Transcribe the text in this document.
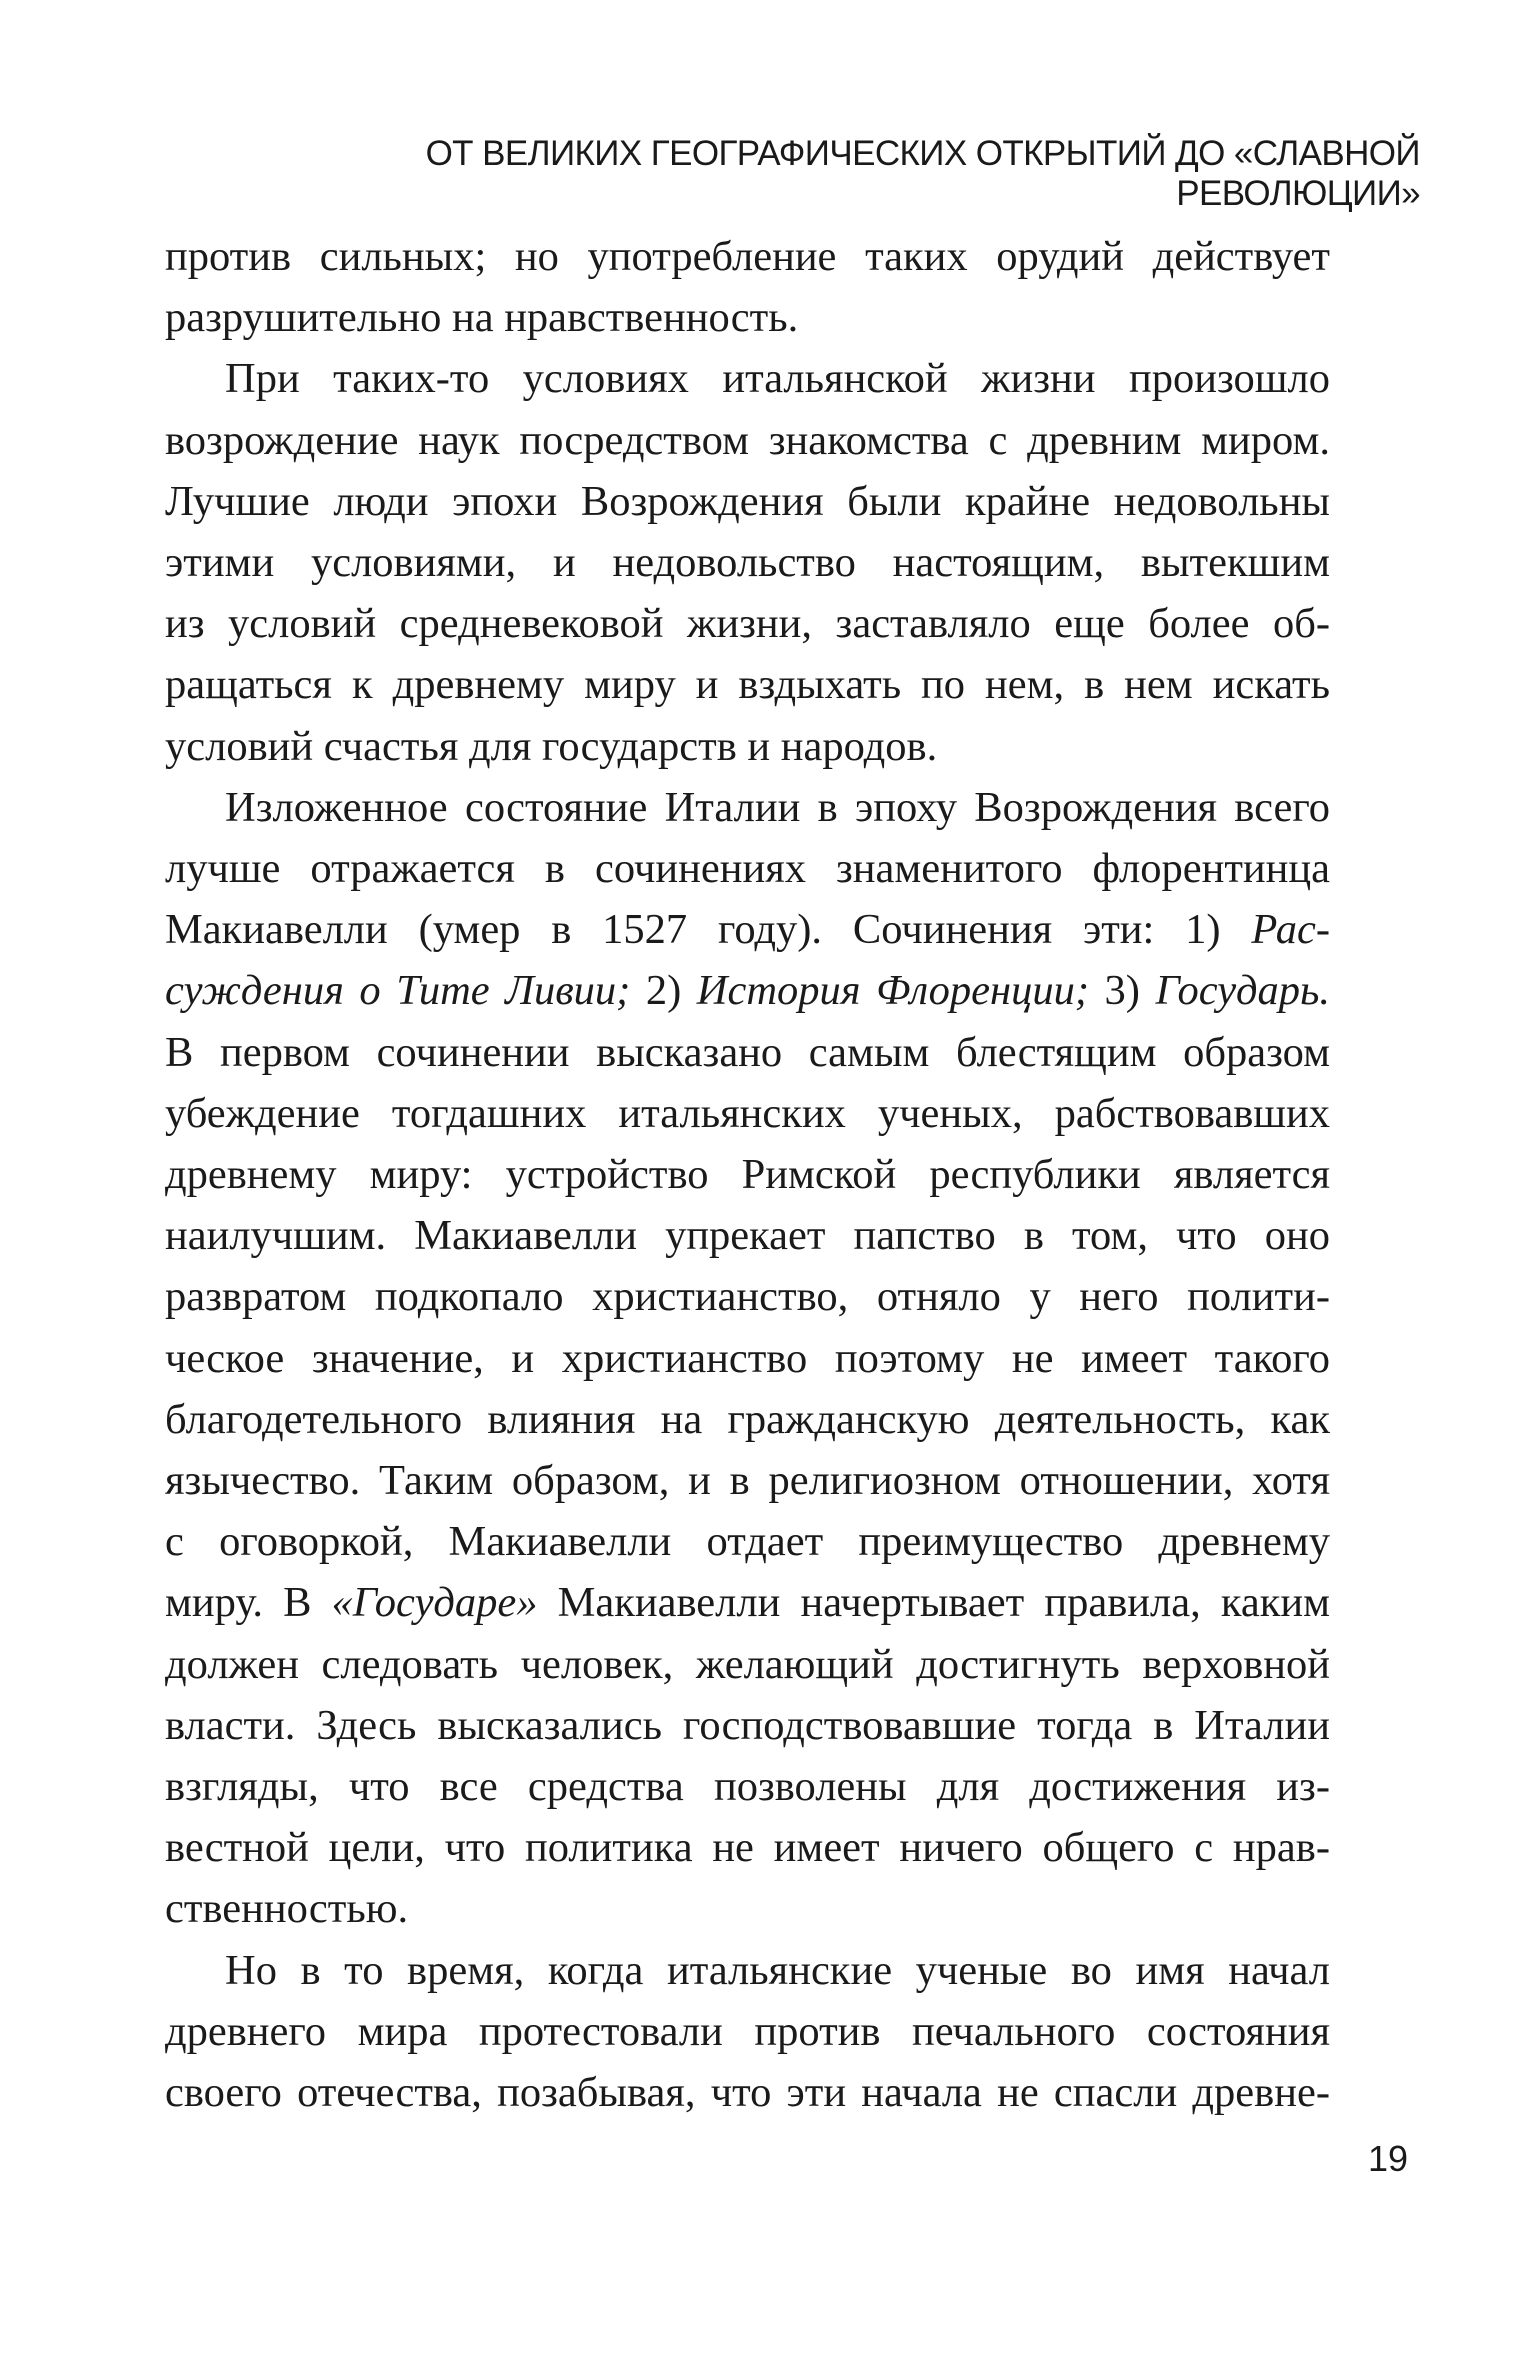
ОТ ВЕЛИКИХ ГЕОГРАФИЧЕСКИХ ОТКРЫТИЙ ДО «СЛАВНОЙ РЕВОЛЮЦИИ»

против сильных; но употребление таких орудий действует

разрушительно на нравственность.

При таких-то условиях итальянской жизни произошло

возрождение наук посредством знакомства с древним миром.

Лучшие люди эпохи Возрождения были крайне недовольны

этими условиями, и недовольство настоящим, вытекшим

из условий средневековой жизни, заставляло еще более об-

ращаться к древнему миру и вздыхать по нем, в нем искать

условий счастья для государств и народов.

Изложенное состояние Италии в эпоху Возрождения всего

лучше отражается в сочинениях знаменитого флорентинца

Макиавелли (умер в 1527 году). Сочинения эти: 1) Рас-

суждения о Тите Ливии; 2) История Флоренции; 3) Государь.

В первом сочинении высказано самым блестящим образом

убеждение тогдашних итальянских ученых, рабствовавших

древнему миру: устройство Римской республики является

наилучшим. Макиавелли упрекает папство в том, что оно

развратом подкопало христианство, отняло у него полити-

ческое значение, и христианство поэтому не имеет такого

благодетельного влияния на гражданскую деятельность, как

язычество. Таким образом, и в религиозном отношении, хотя

с оговоркой, Макиавелли отдает преимущество древнему

миру. В «Государе» Макиавелли начертывает правила, каким

должен следовать человек, желающий достигнуть верховной

власти. Здесь высказались господствовавшие тогда в Италии

взгляды, что все средства позволены для достижения из-

вестной цели, что политика не имеет ничего общего с нрав-

ственностью.

Но в то время, когда итальянские ученые во имя начал

древнего мира протестовали против печального состояния

своего отечества, позабывая, что эти начала не спасли древне-

19
